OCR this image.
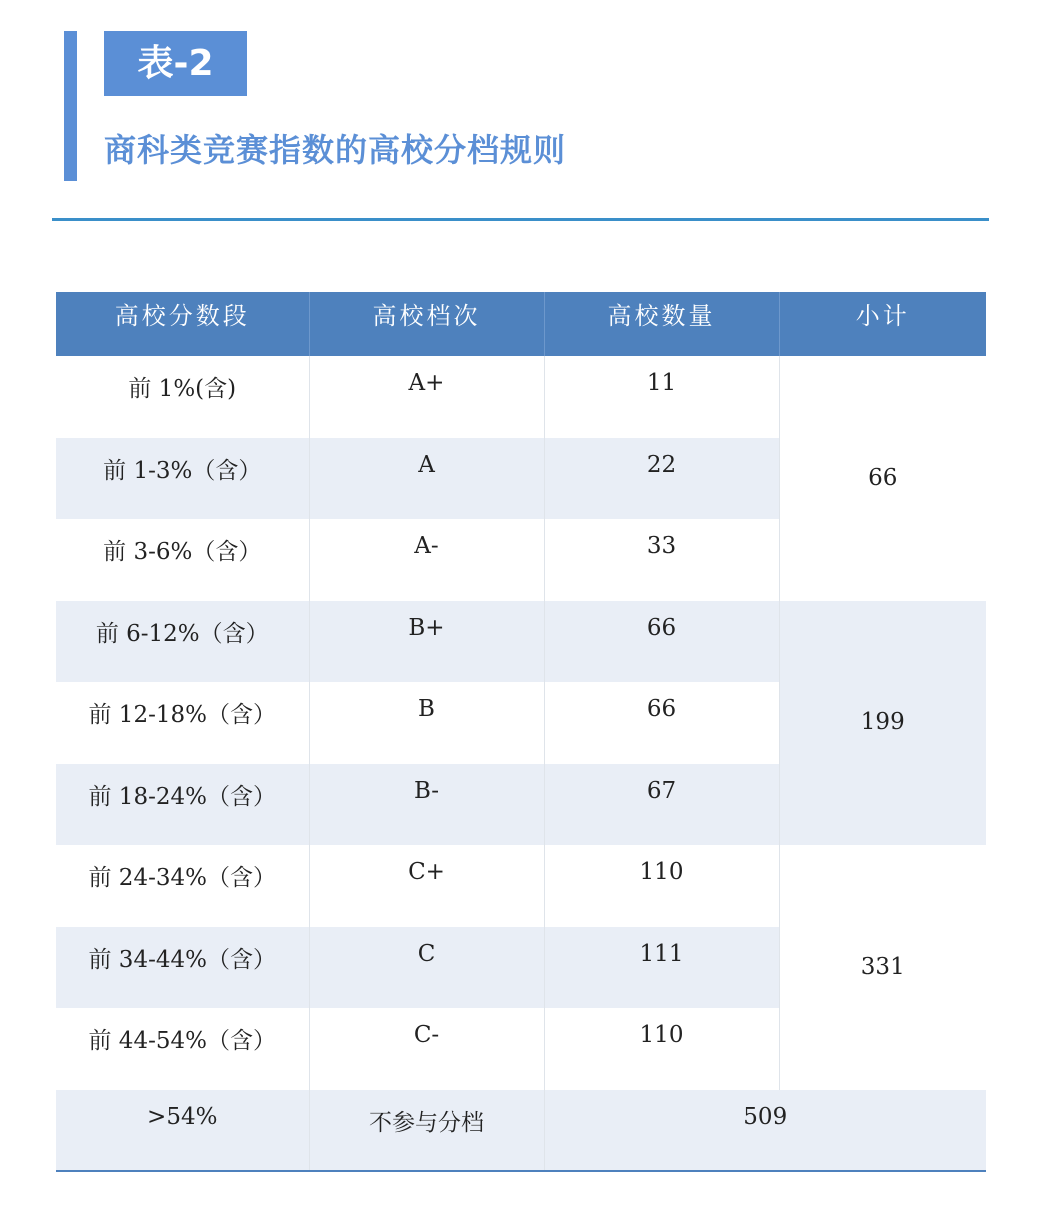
表-2
商科类竞赛指数的高校分档规则
高校分数段	高校档次	高校数量	小计
前 1%(含)	A+	11	66
前 1-3%（含）	A	22	
前 3-6%（含）	A-	33	
前 6-12%（含）	B+	66	199
前 12-18%（含）	B	66	
前 18-24%（含）	B-	67	
前 24-34%（含）	C+	110	331
前 34-44%（含）	C	111	
前 44-54%（含）	C-	110	
>54%	不参与分档	509	
